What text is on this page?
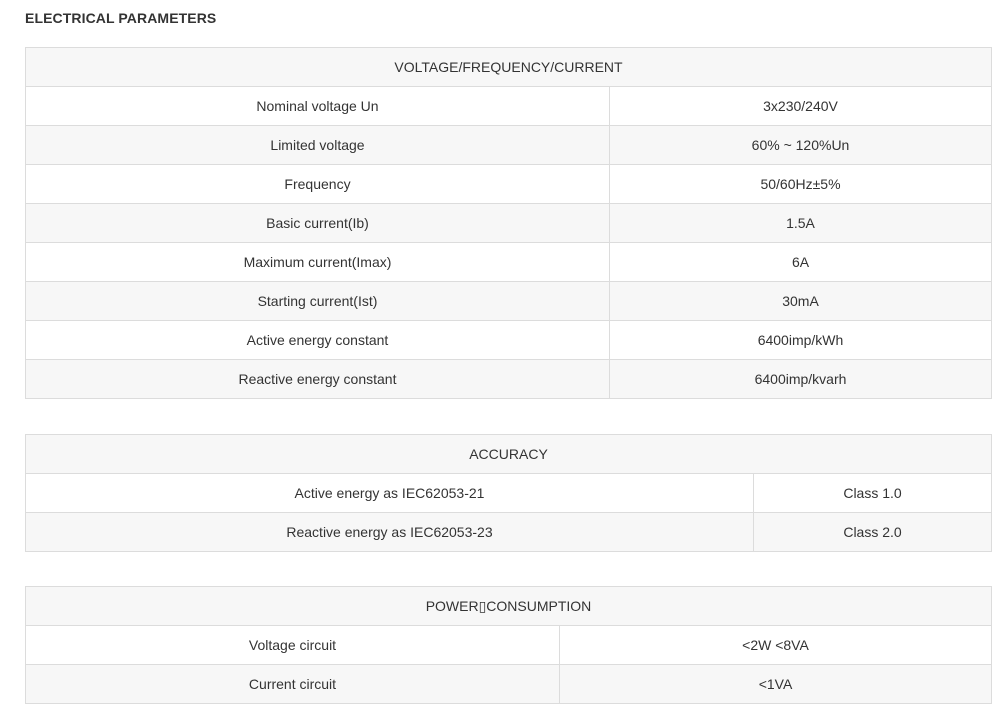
ELECTRICAL PARAMETERS
VOLTAGE/FREQUENCY/CURRENT	
Nominal voltage Un	3x230/240V
Limited voltage	60% ~ 120%Un
Frequency	50/60Hz±5%
Basic current(Ib)	1.5A
Maximum current(Imax)	6A
Starting current(Ist)	30mA
Active energy constant	6400imp/kWh
Reactive energy constant	6400imp/kvarh
ACCURACY	
Active energy as IEC62053-21	Class 1.0
Reactive energy as IEC62053-23	Class 2.0
POWER▯CONSUMPTION	
Voltage circuit	<2W <8VA
Current circuit	<1VA
